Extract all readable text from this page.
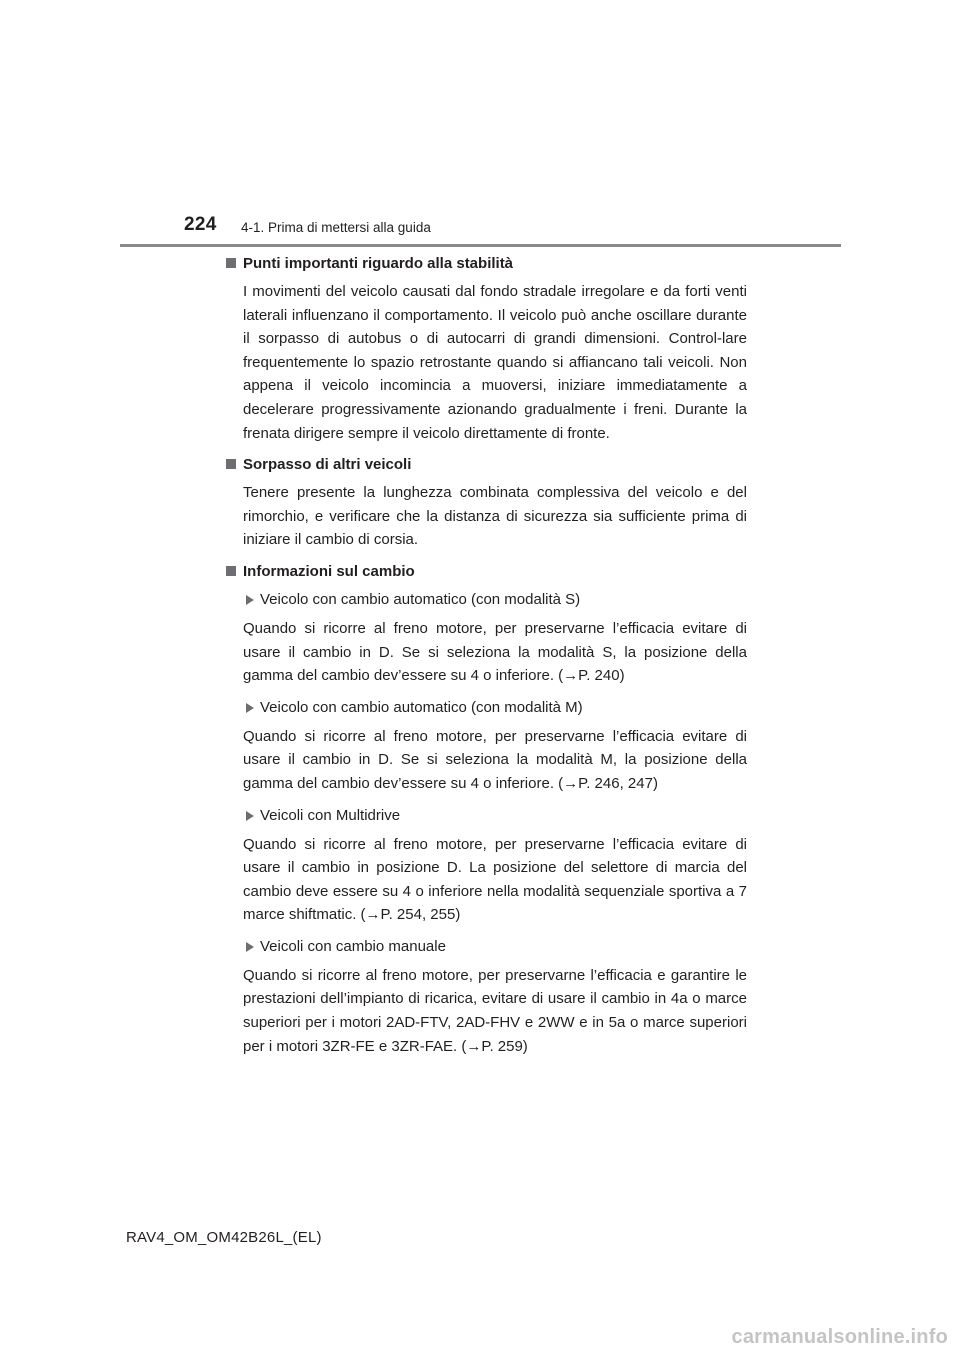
224 4-1. Prima di mettersi alla guida
Punti importanti riguardo alla stabilità

I movimenti del veicolo causati dal fondo stradale irregolare e da forti venti laterali influenzano il comportamento. Il veicolo può anche oscillare durante il sorpasso di autobus o di autocarri di grandi dimensioni. Control-lare frequentemente lo spazio retrostante quando si affiancano tali veicoli. Non appena il veicolo incomincia a muoversi, iniziare immediatamente a decelerare progressivamente azionando gradualmente i freni. Durante la frenata dirigere sempre il veicolo direttamente di fronte.

Sorpasso di altri veicoli

Tenere presente la lunghezza combinata complessiva del veicolo e del rimorchio, e verificare che la distanza di sicurezza sia sufficiente prima di iniziare il cambio di corsia.

Informazioni sul cambio
Veicolo con cambio automatico (con modalità S)

Quando si ricorre al freno motore, per preservarne l’efficacia evitare di usare il cambio in D. Se si seleziona la modalità S, la posizione della gamma del cambio dev’essere su 4 o inferiore. (→P. 240)

Veicolo con cambio automatico (con modalità M)

Quando si ricorre al freno motore, per preservarne l’efficacia evitare di usare il cambio in D. Se si seleziona la modalità M, la posizione della gamma del cambio dev’essere su 4 o inferiore. (→P. 246, 247)

Veicoli con Multidrive

Quando si ricorre al freno motore, per preservarne l’efficacia evitare di usare il cambio in posizione D. La posizione del selettore di marcia del cambio deve essere su 4 o inferiore nella modalità sequenziale sportiva a 7 marce shiftmatic. (→P. 254, 255)

Veicoli con cambio manuale

Quando si ricorre al freno motore, per preservarne l’efficacia e garantire le prestazioni dell’impianto di ricarica, evitare di usare il cambio in 4a o marce superiori per i motori 2AD-FTV, 2AD-FHV e 2WW e in 5a o marce superiori per i motori 3ZR-FE e 3ZR-FAE. (→P. 259)

RAV4_OM_OM42B26L_(EL)
carmanualsonline.info
